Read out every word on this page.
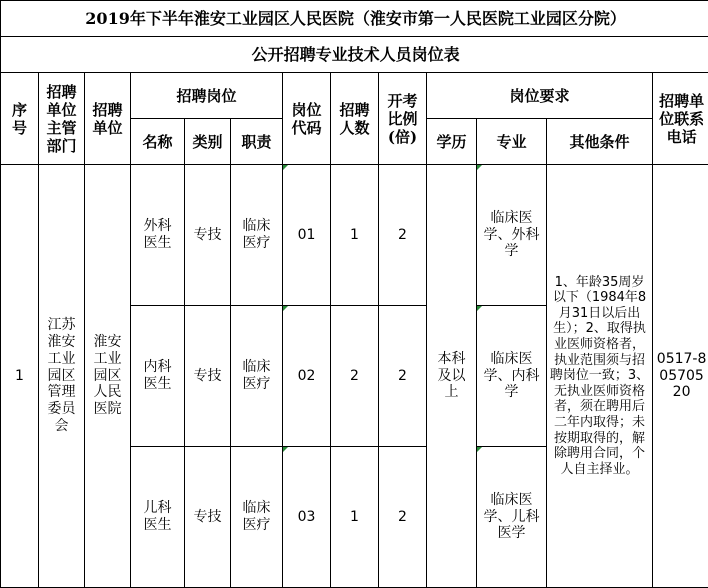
2019年下半年淮安工业园区人民医院（淮安市第一人民医院工业园区分院）												
公开招聘专业技术人员岗位表												
序号	招聘单位主管部门	招聘单位	招聘岗位			岗位代码	招聘人数	开考比例(倍)	岗位要求			招聘单位联系电话
			名称	类别	职责				学历	专业	其他条件	
1	江苏淮安工业园区管理委员会	淮安工业园区人民医院	外科医生	专技	临床医疗	01	1	2	本科及以上	临床医学、外科学	1、年龄35周岁以下（1984年8月31日以后出生）；2、取得执业医师资格者，执业范围须与招聘岗位一致；3、无执业医师资格者，须在聘用后二年内取得；未按期取得的，解除聘用合同，个人自主择业。	0517-80570520
			内科医生	专技	临床医疗	02	2	2		临床医学、内科学		
			儿科医生	专技	临床医疗	03	1	2		临床医学、儿科医学		
